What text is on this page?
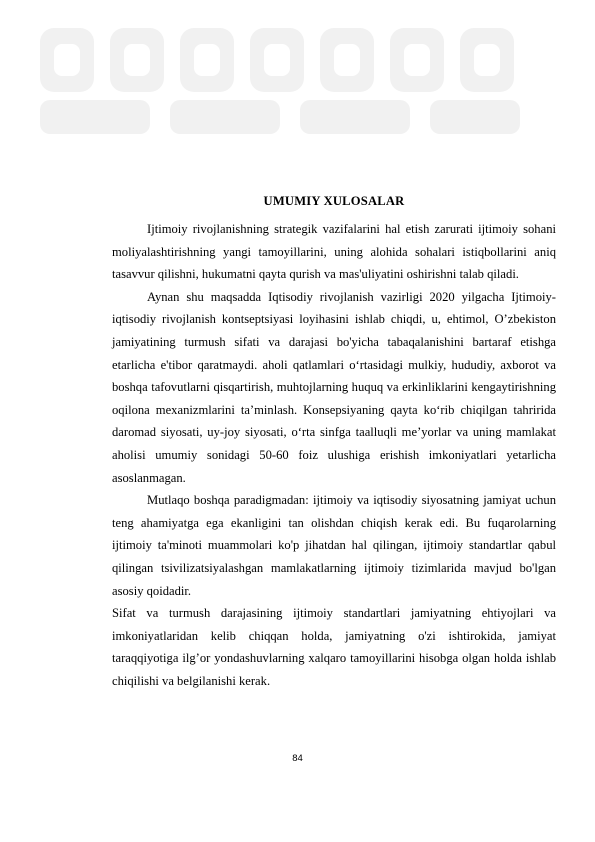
UMUMIY XULOSALAR

Ijtimoiy rivojlanishning strategik vazifalarini hal etish zarurati ijtimoiy sohani moliyalashtirishning yangi tamoyillarini, uning alohida sohalari istiqbollarini aniq tasavvur qilishni, hukumatni qayta qurish va mas'uliyatini oshirishni talab qiladi.

Aynan shu maqsadda Iqtisodiy rivojlanish vazirligi 2020 yilgacha Ijtimoiy-iqtisodiy rivojlanish kontseptsiyasi loyihasini ishlab chiqdi, u, ehtimol, O’zbekiston jamiyatining turmush sifati va darajasi bo'yicha tabaqalanishini bartaraf etishga etarlicha e'tibor qaratmaydi. aholi qatlamlari o‘rtasidagi mulkiy, hududiy, axborot va boshqa tafovutlarni qisqartirish, muhtojlarning huquq va erkinliklarini kengaytirishning oqilona mexanizmlarini ta’minlash. Konsepsiyaning qayta ko‘rib chiqilgan tahririda daromad siyosati, uy-joy siyosati, o‘rta sinfga taalluqli me’yorlar va uning mamlakat aholisi umumiy sonidagi 50-60 foiz ulushiga erishish imkoniyatlari yetarlicha asoslanmagan.

Mutlaqo boshqa paradigmadan: ijtimoiy va iqtisodiy siyosatning jamiyat uchun teng ahamiyatga ega ekanligini tan olishdan chiqish kerak edi. Bu fuqarolarning ijtimoiy ta'minoti muammolari ko'p jihatdan hal qilingan, ijtimoiy standartlar qabul qilingan tsivilizatsiyalashgan mamlakatlarning ijtimoiy tizimlarida mavjud bo'lgan asosiy qoidadir.

Sifat va turmush darajasining ijtimoiy standartlari jamiyatning ehtiyojlari va imkoniyatlaridan kelib chiqqan holda, jamiyatning o'zi ishtirokida, jamiyat taraqqiyotiga ilg’or yondashuvlarning xalqaro tamoyillarini hisobga olgan holda ishlab chiqilishi va belgilanishi kerak.

84
